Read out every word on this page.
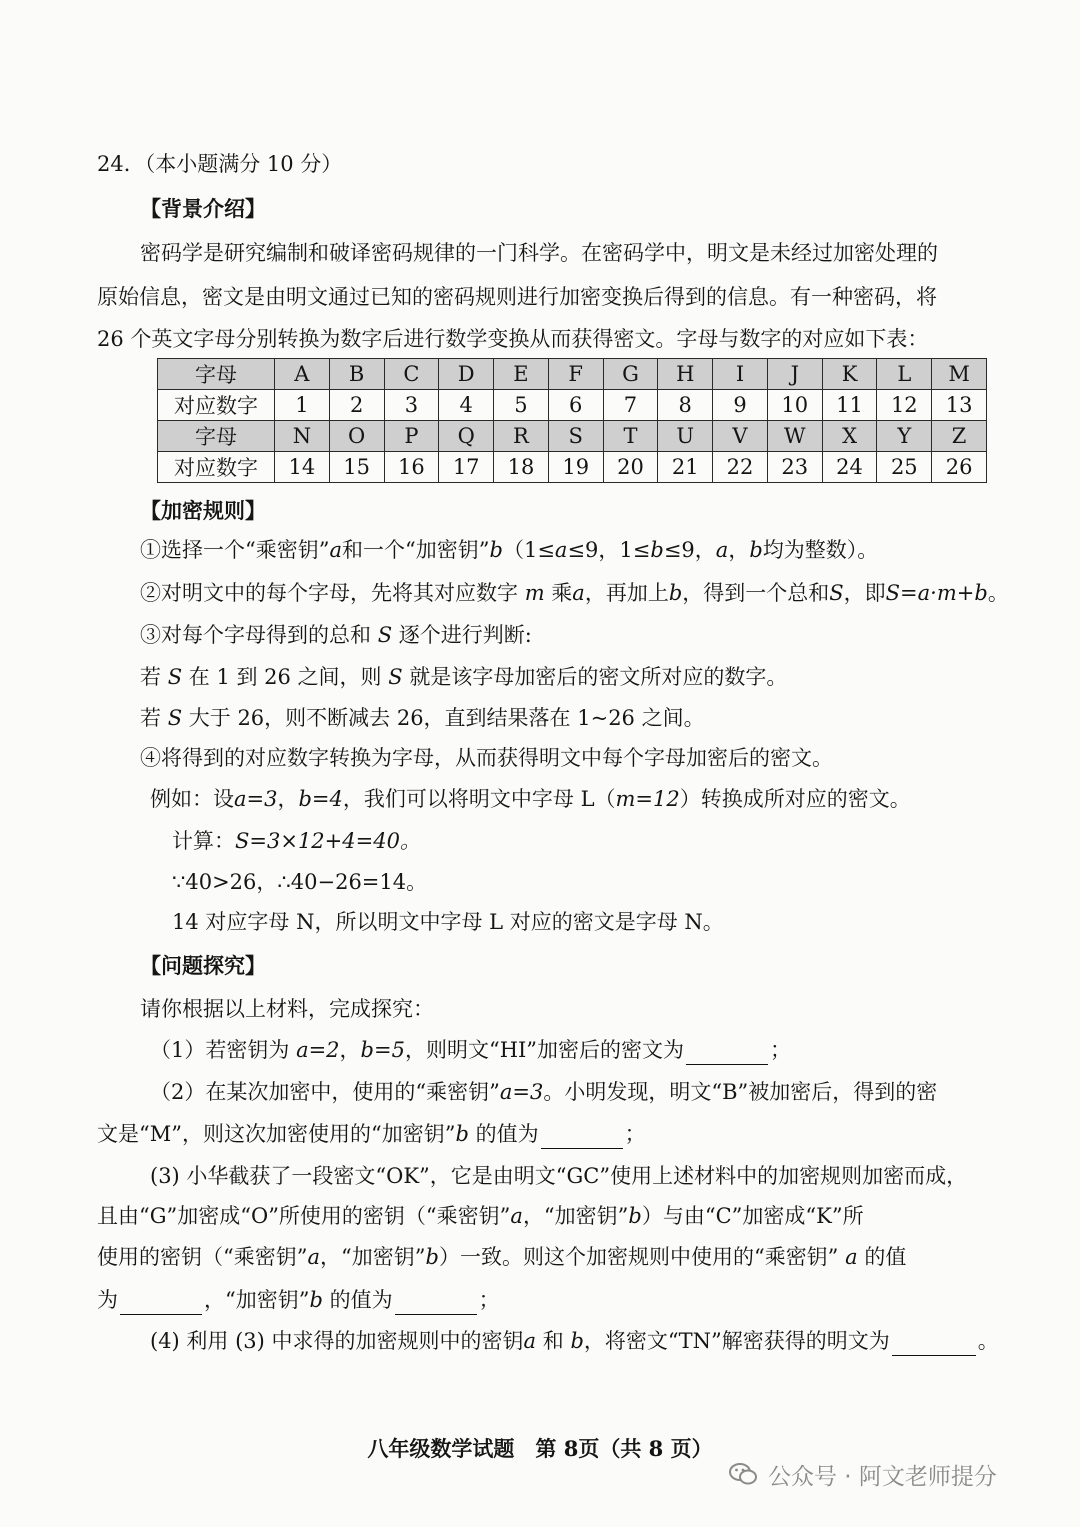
24．（本小题满分 10 分）
【背景介绍】
密码学是研究编制和破译密码规律的一门科学。在密码学中，明文是未经过加密处理的
原始信息，密文是由明文通过已知的密码规则进行加密变换后得到的信息。有一种密码，将
26 个英文字母分别转换为数字后进行数学变换从而获得密文。字母与数字的对应如下表：
字母	A	B	C	D	E	F	G	H	I	J	K	L	M
对应数字	1	2	3	4	5	6	7	8	9	10	11	12	13
字母	N	O	P	Q	R	S	T	U	V	W	X	Y	Z
对应数字	14	15	16	17	18	19	20	21	22	23	24	25	26
【加密规则】
①选择一个“乘密钥”a和一个“加密钥”b（1≤a≤9，1≤b≤9，a，b均为整数）。
②对明文中的每个字母，先将其对应数字 m 乘a，再加上b，得到一个总和S，即S=a·m+b。
③对每个字母得到的总和 S 逐个进行判断:
若 S 在 1 到 26 之间，则 S 就是该字母加密后的密文所对应的数字。
若 S 大于 26，则不断减去 26，直到结果落在 1~26 之间。
④将得到的对应数字转换为字母，从而获得明文中每个字母加密后的密文。
例如：设a=3，b=4，我们可以将明文中字母 L（m=12）转换成所对应的密文。
计算：S=3×12+4=40。
∵40>26，∴40−26=14。
14 对应字母 N，所以明文中字母 L 对应的密文是字母 N。
【问题探究】
请你根据以上材料，完成探究：
（1）若密钥为 a=2，b=5，则明文“HI”加密后的密文为	；
（2）在某次加密中，使用的“乘密钥”a=3。小明发现，明文“B”被加密后，得到的密
文是“M”，则这次加密使用的“加密钥”b 的值为	；
(3) 小华截获了一段密文“OK”，它是由明文“GC”使用上述材料中的加密规则加密而成，
且由“G”加密成“O”所使用的密钥（“乘密钥”a，“加密钥”b）与由“C”加密成“K”所
使用的密钥（“乘密钥”a，“加密钥”b）一致。则这个加密规则中使用的“乘密钥” a 的值
为	，“加密钥”b 的值为	；
(4) 利用 (3) 中求得的加密规则中的密钥a 和 b，将密文“TN”解密获得的明文为	。
八年级数学试题　第 8页（共 8 页）
公众号 · 阿文老师提分
